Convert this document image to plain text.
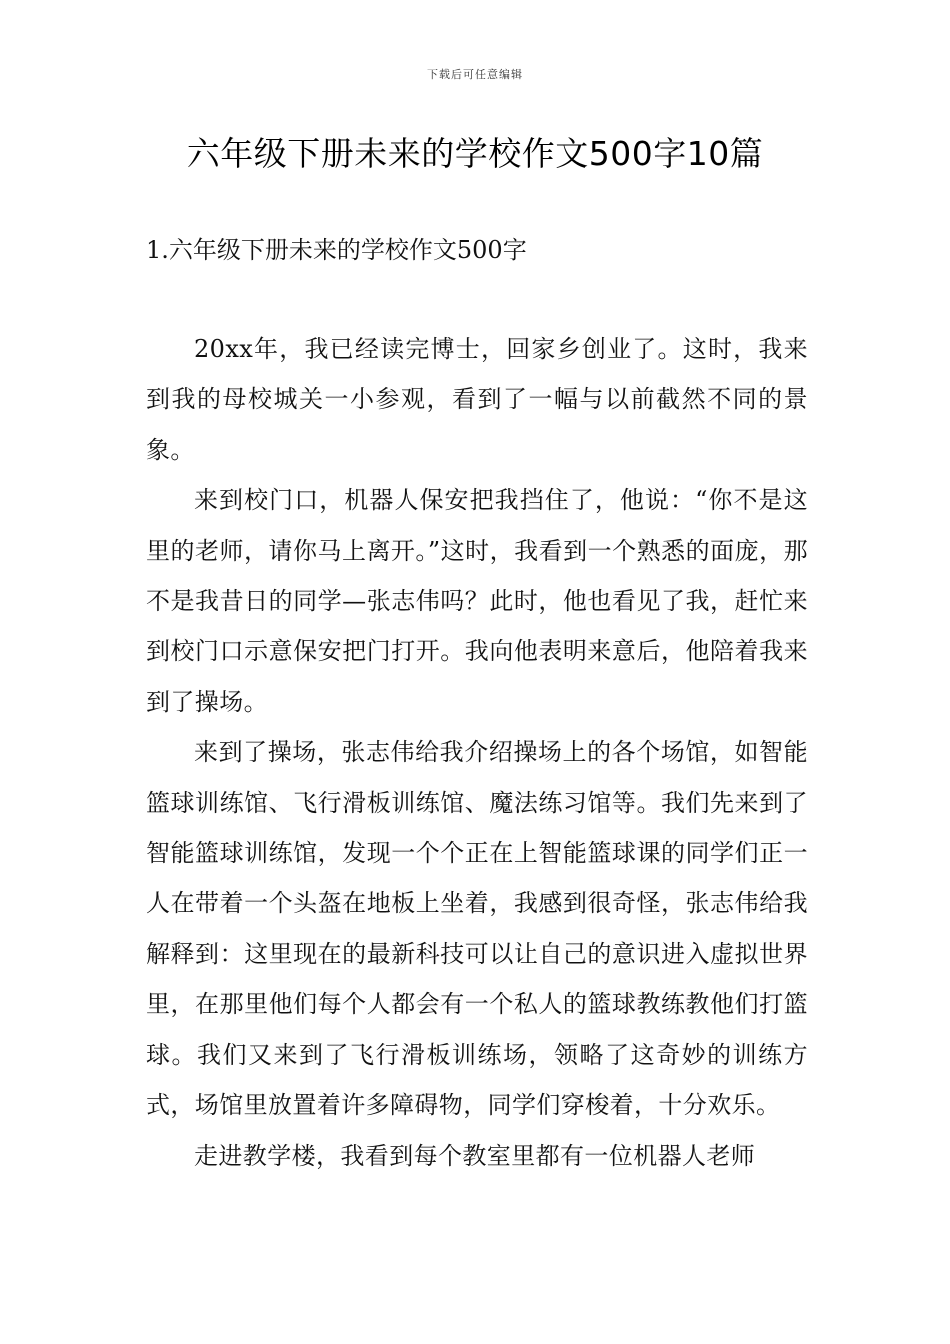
下载后可任意编辑
六年级下册未来的学校作文500字10篇
1.六年级下册未来的学校作文500字

20xx年，我已经读完博士，回家乡创业了。这时，我来到我的母校城关一小参观，看到了一幅与以前截然不同的景象。

来到校门口，机器人保安把我挡住了，他说：“你不是这里的老师，请你马上离开。”这时，我看到一个熟悉的面庞，那不是我昔日的同学—张志伟吗？此时，他也看见了我，赶忙来到校门口示意保安把门打开。我向他表明来意后，他陪着我来到了操场。

来到了操场，张志伟给我介绍操场上的各个场馆，如智能篮球训练馆、飞行滑板训练馆、魔法练习馆等。我们先来到了智能篮球训练馆，发现一个个正在上智能篮球课的同学们正一人在带着一个头盔在地板上坐着，我感到很奇怪，张志伟给我解释到：这里现在的最新科技可以让自己的意识进入虚拟世界里，在那里他们每个人都会有一个私人的篮球教练教他们打篮球。我们又来到了飞行滑板训练场，领略了这奇妙的训练方式，场馆里放置着许多障碍物，同学们穿梭着，十分欢乐。

走进教学楼，我看到每个教室里都有一位机器人老师
